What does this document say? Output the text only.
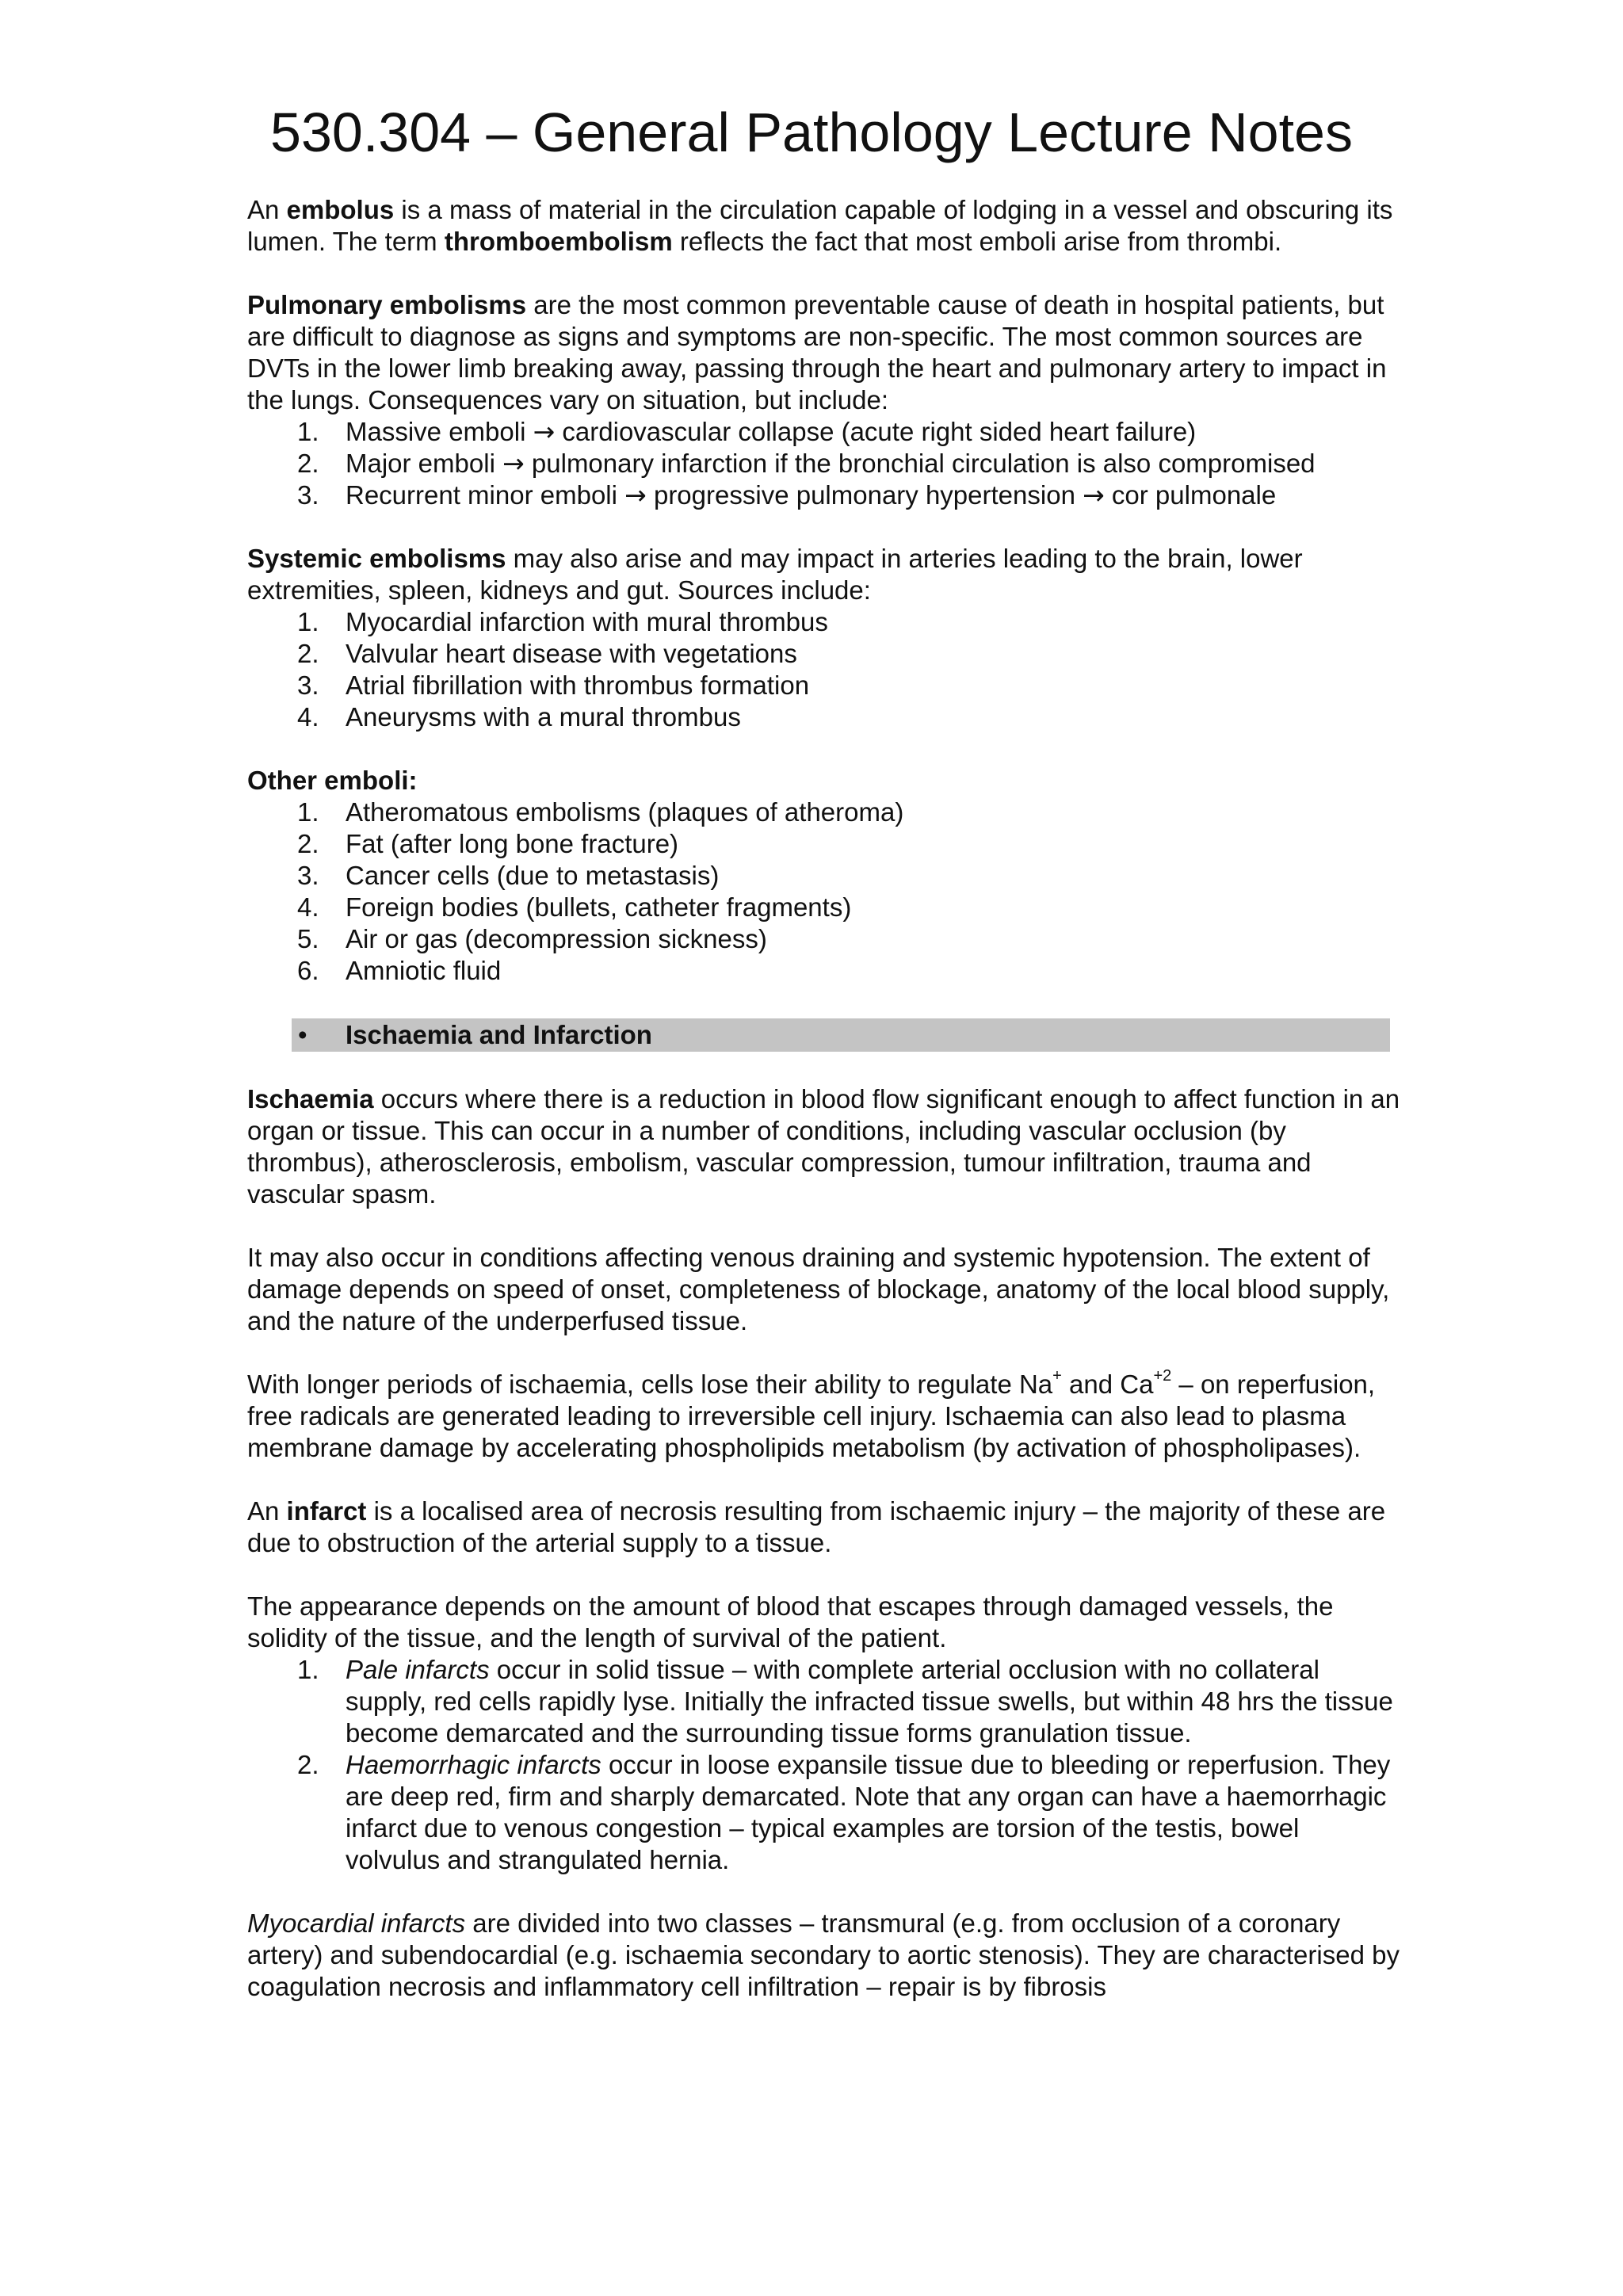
530.304 – General Pathology Lecture Notes

An embolus is a mass of material in the circulation capable of lodging in a vessel and obscuring its lumen. The term thromboembolism reflects the fact that most emboli arise from thrombi.

Pulmonary embolisms are the most common preventable cause of death in hospital patients, but are difficult to diagnose as signs and symptoms are non-specific. The most common sources are DVTs in the lower limb breaking away, passing through the heart and pulmonary artery to impact in the lungs. Consequences vary on situation, but include:

1. Massive emboli → cardiovascular collapse (acute right sided heart failure)
2. Major emboli → pulmonary infarction if the bronchial circulation is also compromised
3. Recurrent minor emboli → progressive pulmonary hypertension → cor pulmonale

Systemic embolisms may also arise and may impact in arteries leading to the brain, lower extremities, spleen, kidneys and gut. Sources include:

1. Myocardial infarction with mural thrombus
2. Valvular heart disease with vegetations
3. Atrial fibrillation with thrombus formation
4. Aneurysms with a mural thrombus

Other emboli:

1. Atheromatous embolisms (plaques of atheroma)
2. Fat (after long bone fracture)
3. Cancer cells (due to metastasis)
4. Foreign bodies (bullets, catheter fragments)
5. Air or gas (decompression sickness)
6. Amniotic fluid
• Ischaemia and Infarction

Ischaemia occurs where there is a reduction in blood flow significant enough to affect function in an organ or tissue. This can occur in a number of conditions, including vascular occlusion (by thrombus), atherosclerosis, embolism, vascular compression, tumour infiltration, trauma and vascular spasm.

It may also occur in conditions affecting venous draining and systemic hypotension. The extent of damage depends on speed of onset, completeness of blockage, anatomy of the local blood supply, and the nature of the underperfused tissue.

With longer periods of ischaemia, cells lose their ability to regulate Na+ and $Ca^{+2}$ – on reperfusion, free radicals are generated leading to irreversible cell injury. Ischaemia can also lead to plasma membrane damage by accelerating phospholipids metabolism (by activation of phospholipases).

An infarct is a localised area of necrosis resulting from ischaemic injury – the majority of these are due to obstruction of the arterial supply to a tissue.

The appearance depends on the amount of blood that escapes through damaged vessels, the solidity of the tissue, and the length of survival of the patient.

1. Pale infarcts occur in solid tissue – with complete arterial occlusion with no collateral supply, red cells rapidly lyse. Initially the infracted tissue swells, but within 48 hrs the tissue become demarcated and the surrounding tissue forms granulation tissue.
2. Haemorrhagic infarcts occur in loose expansile tissue due to bleeding or reperfusion. They are deep red, firm and sharply demarcated. Note that any organ can have a haemorrhagic infarct due to venous congestion – typical examples are torsion of the testis, bowel volvulus and strangulated hernia.

Myocardial infarcts are divided into two classes – transmural (e.g. from occlusion of a coronary artery) and subendocardial (e.g. ischaemia secondary to aortic stenosis). They are characterised by coagulation necrosis and inflammatory cell infiltration – repair is by fibrosis
